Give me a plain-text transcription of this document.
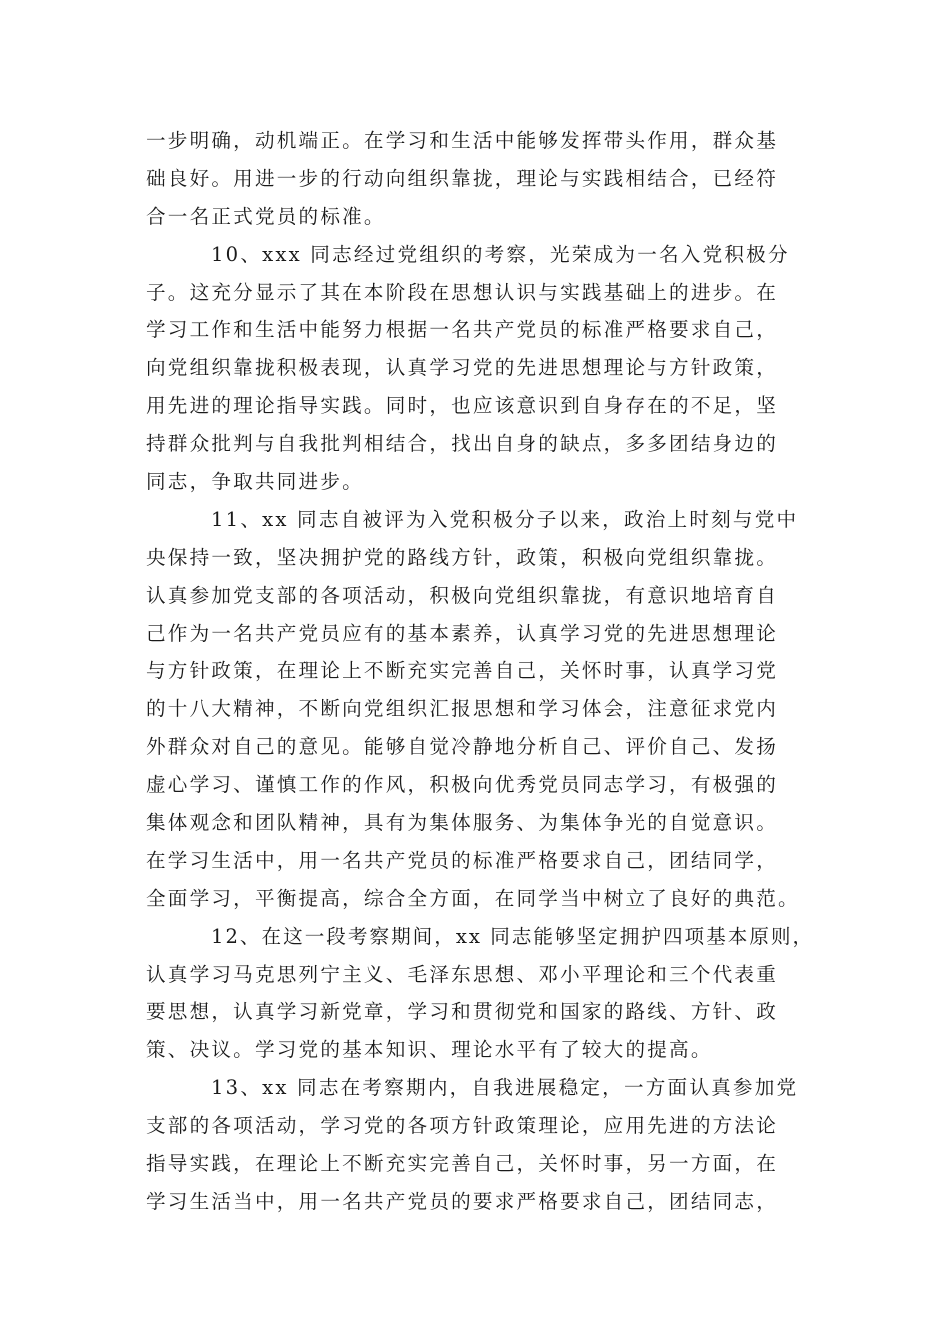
一步明确，动机端正。在学习和生活中能够发挥带头作用，群众基
础良好。用进一步的行动向组织靠拢，理论与实践相结合，已经符
合一名正式党员的标准。
10、xxx 同志经过党组织的考察，光荣成为一名入党积极分
子。这充分显示了其在本阶段在思想认识与实践基础上的进步。在
学习工作和生活中能努力根据一名共产党员的标准严格要求自己，
向党组织靠拢积极表现，认真学习党的先进思想理论与方针政策，
用先进的理论指导实践。同时，也应该意识到自身存在的不足，坚
持群众批判与自我批判相结合，找出自身的缺点，多多团结身边的
同志，争取共同进步。
11、xx 同志自被评为入党积极分子以来，政治上时刻与党中
央保持一致，坚决拥护党的路线方针，政策，积极向党组织靠拢。
认真参加党支部的各项活动，积极向党组织靠拢，有意识地培育自
己作为一名共产党员应有的基本素养，认真学习党的先进思想理论
与方针政策，在理论上不断充实完善自己，关怀时事，认真学习党
的十八大精神，不断向党组织汇报思想和学习体会，注意征求党内
外群众对自己的意见。能够自觉冷静地分析自己、评价自己、发扬
虚心学习、谨慎工作的作风，积极向优秀党员同志学习，有极强的
集体观念和团队精神，具有为集体服务、为集体争光的自觉意识。
在学习生活中，用一名共产党员的标准严格要求自己，团结同学，
全面学习，平衡提高，综合全方面，在同学当中树立了良好的典范。
12、在这一段考察期间，xx 同志能够坚定拥护四项基本原则，
认真学习马克思列宁主义、毛泽东思想、邓小平理论和三个代表重
要思想，认真学习新党章，学习和贯彻党和国家的路线、方针、政
策、决议。学习党的基本知识、理论水平有了较大的提高。
13、xx 同志在考察期内，自我进展稳定，一方面认真参加党
支部的各项活动，学习党的各项方针政策理论，应用先进的方法论
指导实践，在理论上不断充实完善自己，关怀时事，另一方面，在
学习生活当中，用一名共产党员的要求严格要求自己，团结同志，
